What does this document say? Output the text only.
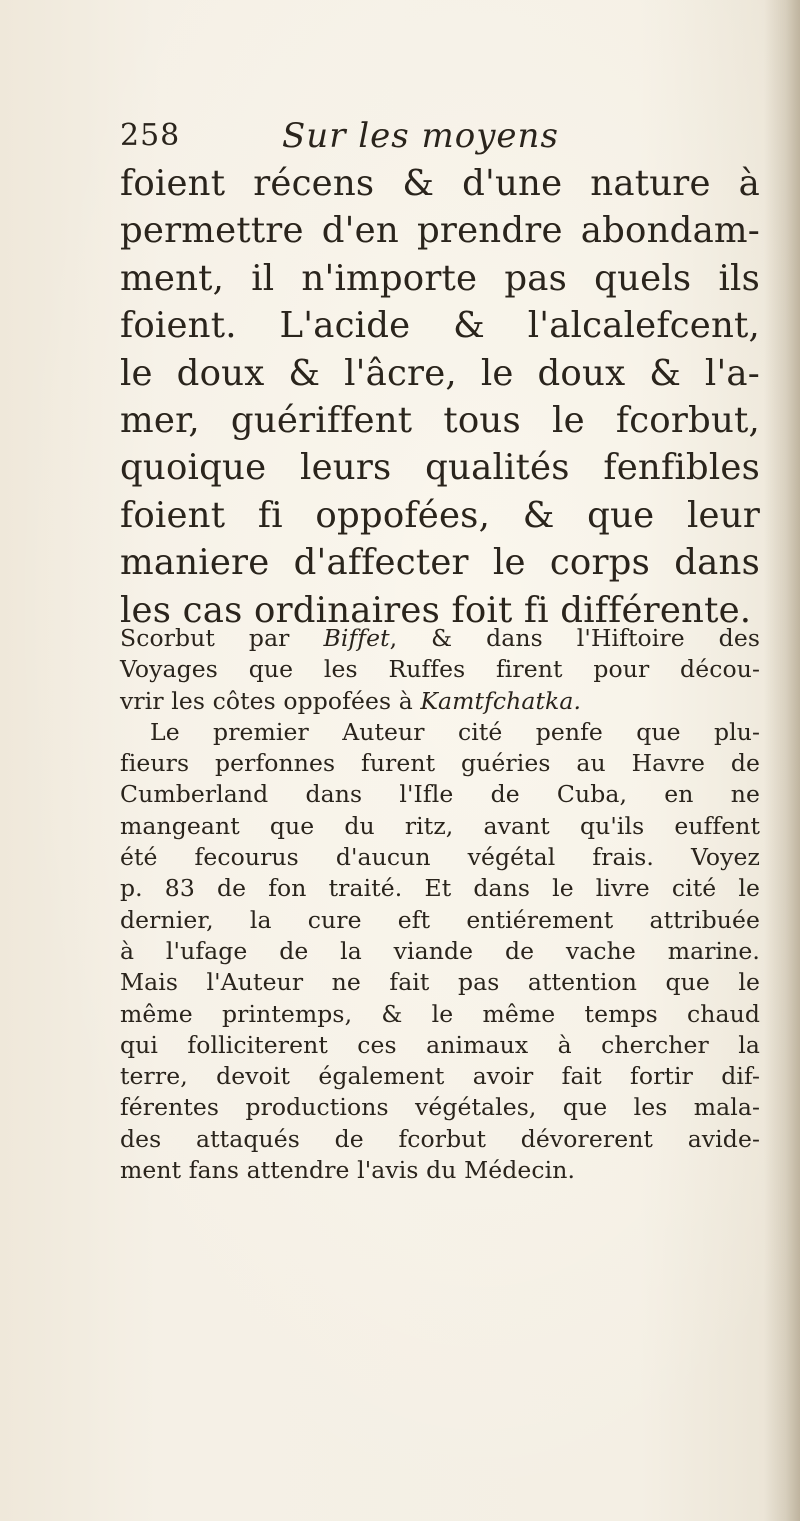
258	Sur les moyens
foient récens & d'une nature à
permettre d'en prendre abondam-
ment, il n'importe pas quels ils
foient. L'acide & l'alcalefcent,
le doux & l'âcre, le doux & l'a-
mer, guériffent tous le fcorbut,
quoique leurs qualités fenfibles
foient fi oppofées, & que leur
maniere d'affecter le corps dans
les cas ordinaires foit fi différente.
Scorbut par Biffet, & dans l'Hiftoire des
Voyages que les Ruffes firent pour décou-
vrir les côtes oppofées à Kamtfchatka.
Le premier Auteur cité penfe que plu-
fieurs perfonnes furent guéries au Havre de
Cumberland dans l'Ifle de Cuba, en ne
mangeant que du ritz, avant qu'ils euffent
été fecourus d'aucun végétal frais. Voyez
p. 83 de fon traité. Et dans le livre cité le
dernier, la cure eft entiérement attribuée
à l'ufage de la viande de vache marine.
Mais l'Auteur ne fait pas attention que le
même printemps, & le même temps chaud
qui folliciterent ces animaux à chercher la
terre, devoit également avoir fait fortir dif-
férentes productions végétales, que les mala-
des attaqués de fcorbut dévorerent avide-
ment fans attendre l'avis du Médecin.
